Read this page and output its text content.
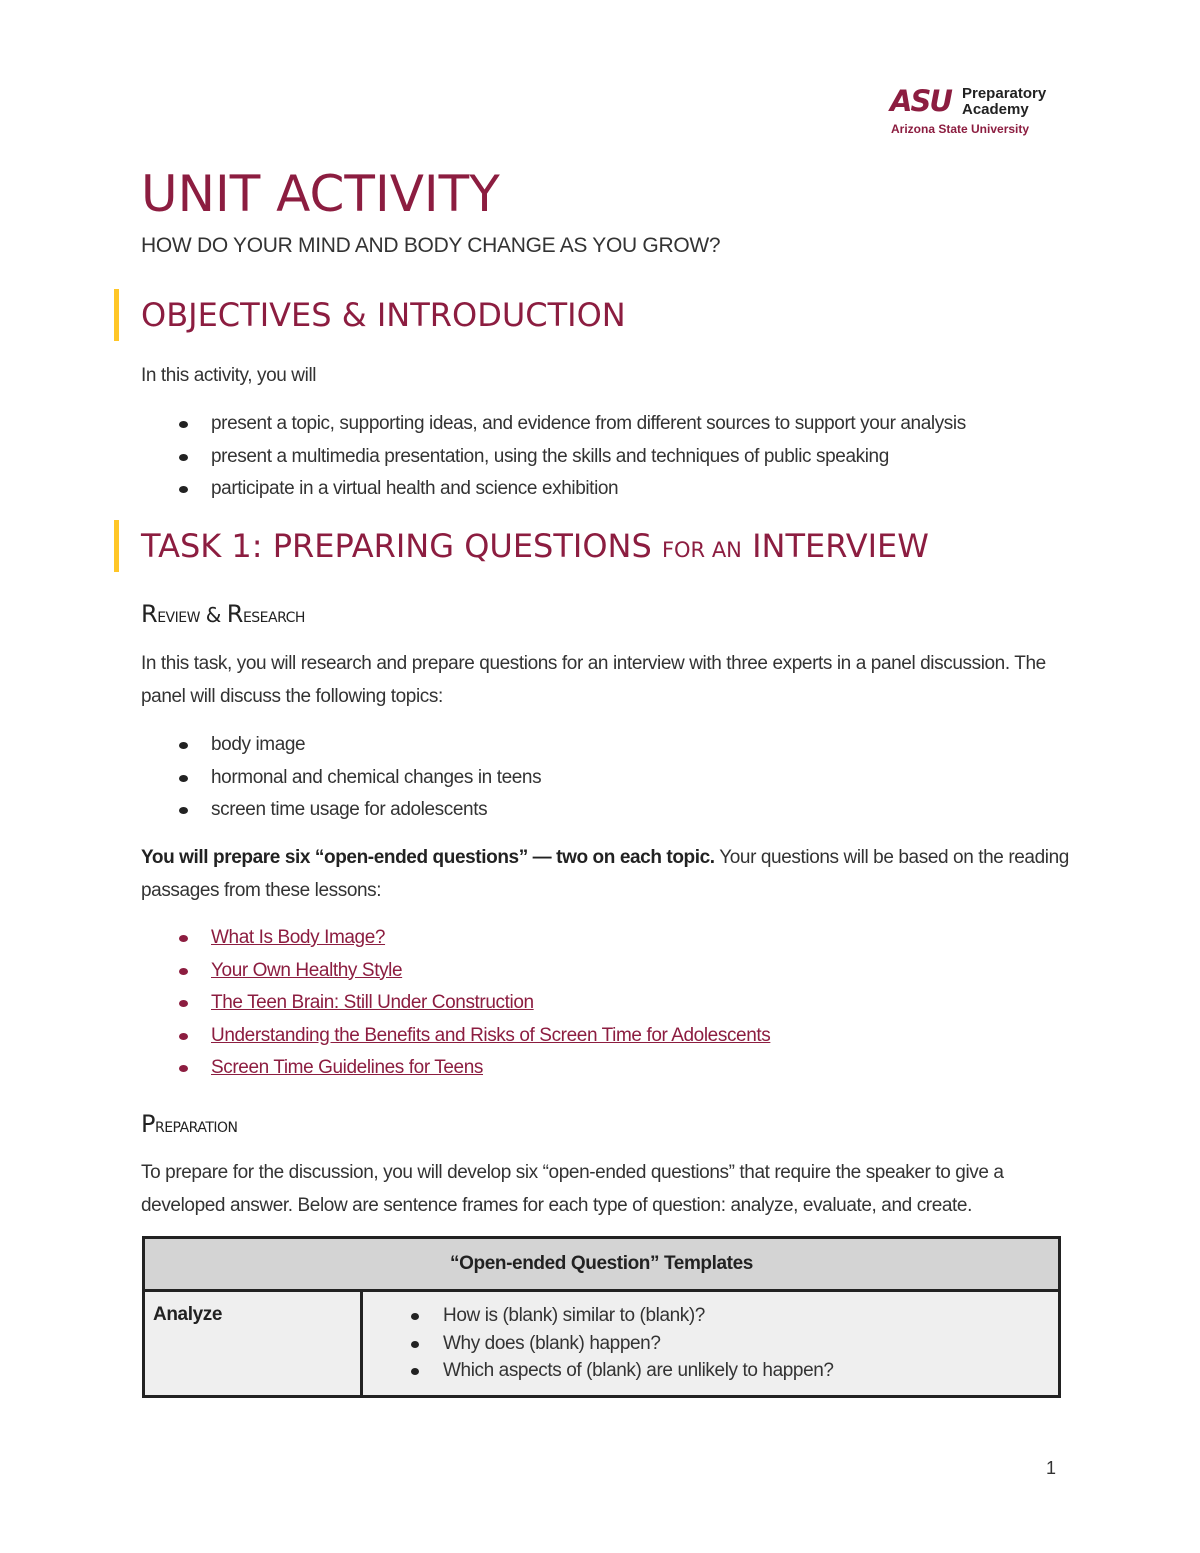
ASU Preparatory
Academy
Arizona State University
UNIT ACTIVITY

HOW DO YOUR MIND AND BODY CHANGE AS YOU GROW?

OBJECTIVES & INTRODUCTION

In this activity, you will

present a topic, supporting ideas, and evidence from different sources to support your analysis
present a multimedia presentation, using the skills and techniques of public speaking
participate in a virtual health and science exhibition
TASK 1: PREPARING QUESTIONS FOR AN INTERVIEW
Review & Research

In this task, you will research and prepare questions for an interview with three experts in a panel discussion. The panel will discuss the following topics:

body image
hormonal and chemical changes in teens
screen time usage for adolescents

You will prepare six “open-ended questions” — two on each topic. Your questions will be based on the reading passages from these lessons:

What Is Body Image?
Your Own Healthy Style
The Teen Brain: Still Under Construction
Understanding the Benefits and Risks of Screen Time for Adolescents
Screen Time Guidelines for Teens
Preparation

To prepare for the discussion, you will develop six “open-ended questions” that require the speaker to give a developed answer. Below are sentence frames for each type of question: analyze, evaluate, and create.

“Open-ended Question” Templates
Analyze	How is (blank) similar to (blank)?
Why does (blank) happen?
Which aspects of (blank) are unlikely to happen?
1
